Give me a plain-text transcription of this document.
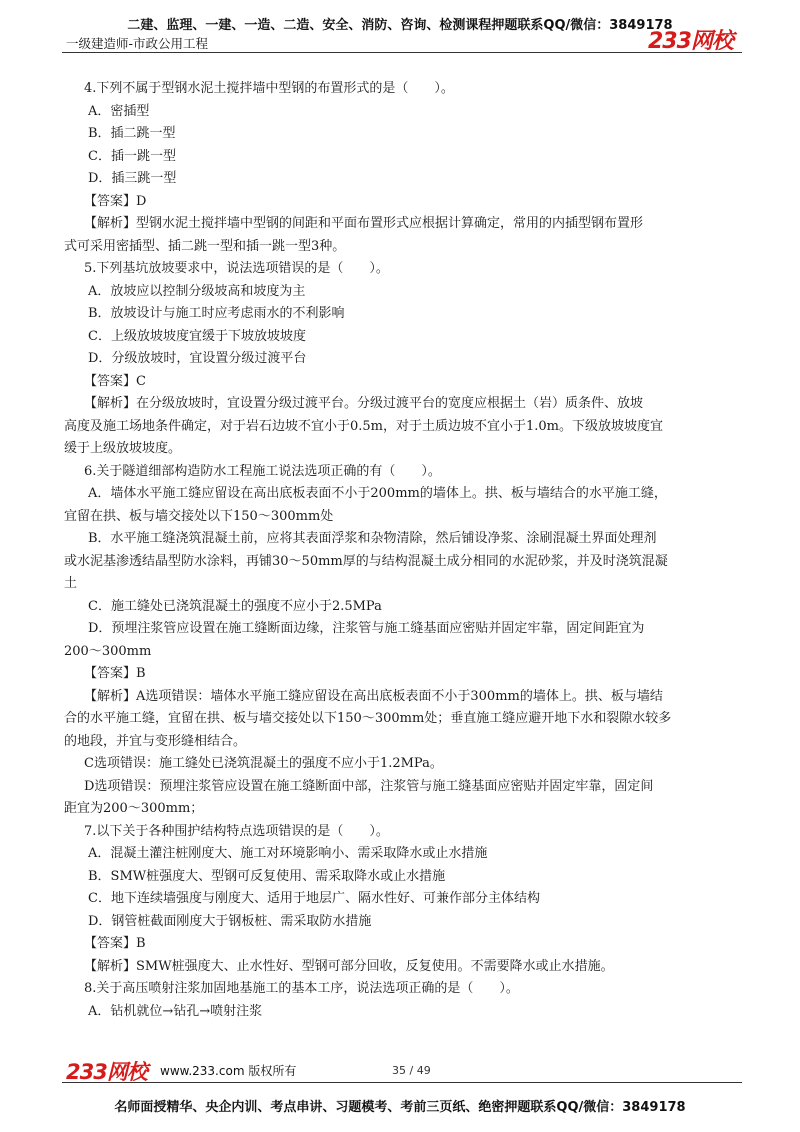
二建、监理、一建、一造、二造、安全、消防、咨询、检测课程押题联系QQ/微信：3849178
一级建造师-市政公用工程	233网校
4.下列不属于型钢水泥土搅拌墙中型钢的布置形式的是（　　）。
A．密插型
B．插二跳一型
C．插一跳一型
D．插三跳一型
【答案】D
【解析】型钢水泥土搅拌墙中型钢的间距和平面布置形式应根据计算确定，常用的内插型钢布置形
式可采用密插型、插二跳一型和插一跳一型3种。
5.下列基坑放坡要求中，说法选项错误的是（　　）。
A．放坡应以控制分级坡高和坡度为主
B．放坡设计与施工时应考虑雨水的不利影响
C．上级放坡坡度宜缓于下坡放坡坡度
D．分级放坡时，宜设置分级过渡平台
【答案】C
【解析】在分级放坡时，宜设置分级过渡平台。分级过渡平台的宽度应根据土（岩）质条件、放坡
高度及施工场地条件确定，对于岩石边坡不宜小于0.5m，对于土质边坡不宜小于1.0m。下级放坡坡度宜
缓于上级放坡坡度。
6.关于隧道细部构造防水工程施工说法选项正确的有（　　）。
A．墙体水平施工缝应留设在高出底板表面不小于200mm的墙体上。拱、板与墙结合的水平施工缝，
宜留在拱、板与墙交接处以下150～300mm处
B．水平施工缝浇筑混凝土前，应将其表面浮浆和杂物清除，然后铺设净浆、涂刷混凝土界面处理剂
或水泥基渗透结晶型防水涂料，再铺30～50mm厚的与结构混凝土成分相同的水泥砂浆，并及时浇筑混凝
土
C．施工缝处已浇筑混凝土的强度不应小于2.5MPa
D．预埋注浆管应设置在施工缝断面边缘，注浆管与施工缝基面应密贴并固定牢靠，固定间距宜为
200～300mm
【答案】B
【解析】A选项错误：墙体水平施工缝应留设在高出底板表面不小于300mm的墙体上。拱、板与墙结
合的水平施工缝，宜留在拱、板与墙交接处以下150～300mm处；垂直施工缝应避开地下水和裂隙水较多
的地段，并宜与变形缝相结合。
C选项错误：施工缝处已浇筑混凝土的强度不应小于1.2MPa。
D选项错误：预埋注浆管应设置在施工缝断面中部，注浆管与施工缝基面应密贴并固定牢靠，固定间
距宜为200～300mm；
7.以下关于各种围护结构特点选项错误的是（　　）。
A．混凝土灌注桩刚度大、施工对环境影响小、需采取降水或止水措施
B．SMW桩强度大、型钢可反复使用、需采取降水或止水措施
C．地下连续墙强度与刚度大、适用于地层广、隔水性好、可兼作部分主体结构
D．钢管桩截面刚度大于钢板桩、需采取防水措施
【答案】B
【解析】SMW桩强度大、止水性好、型钢可部分回收，反复使用。不需要降水或止水措施。
8.关于高压喷射注浆加固地基施工的基本工序，说法选项正确的是（　　）。
A．钻机就位→钻孔→喷射注浆
233网校 www.233.com 版权所有	35 / 49
名师面授精华、央企内训、考点串讲、习题模考、考前三页纸、绝密押题联系QQ/微信：3849178
